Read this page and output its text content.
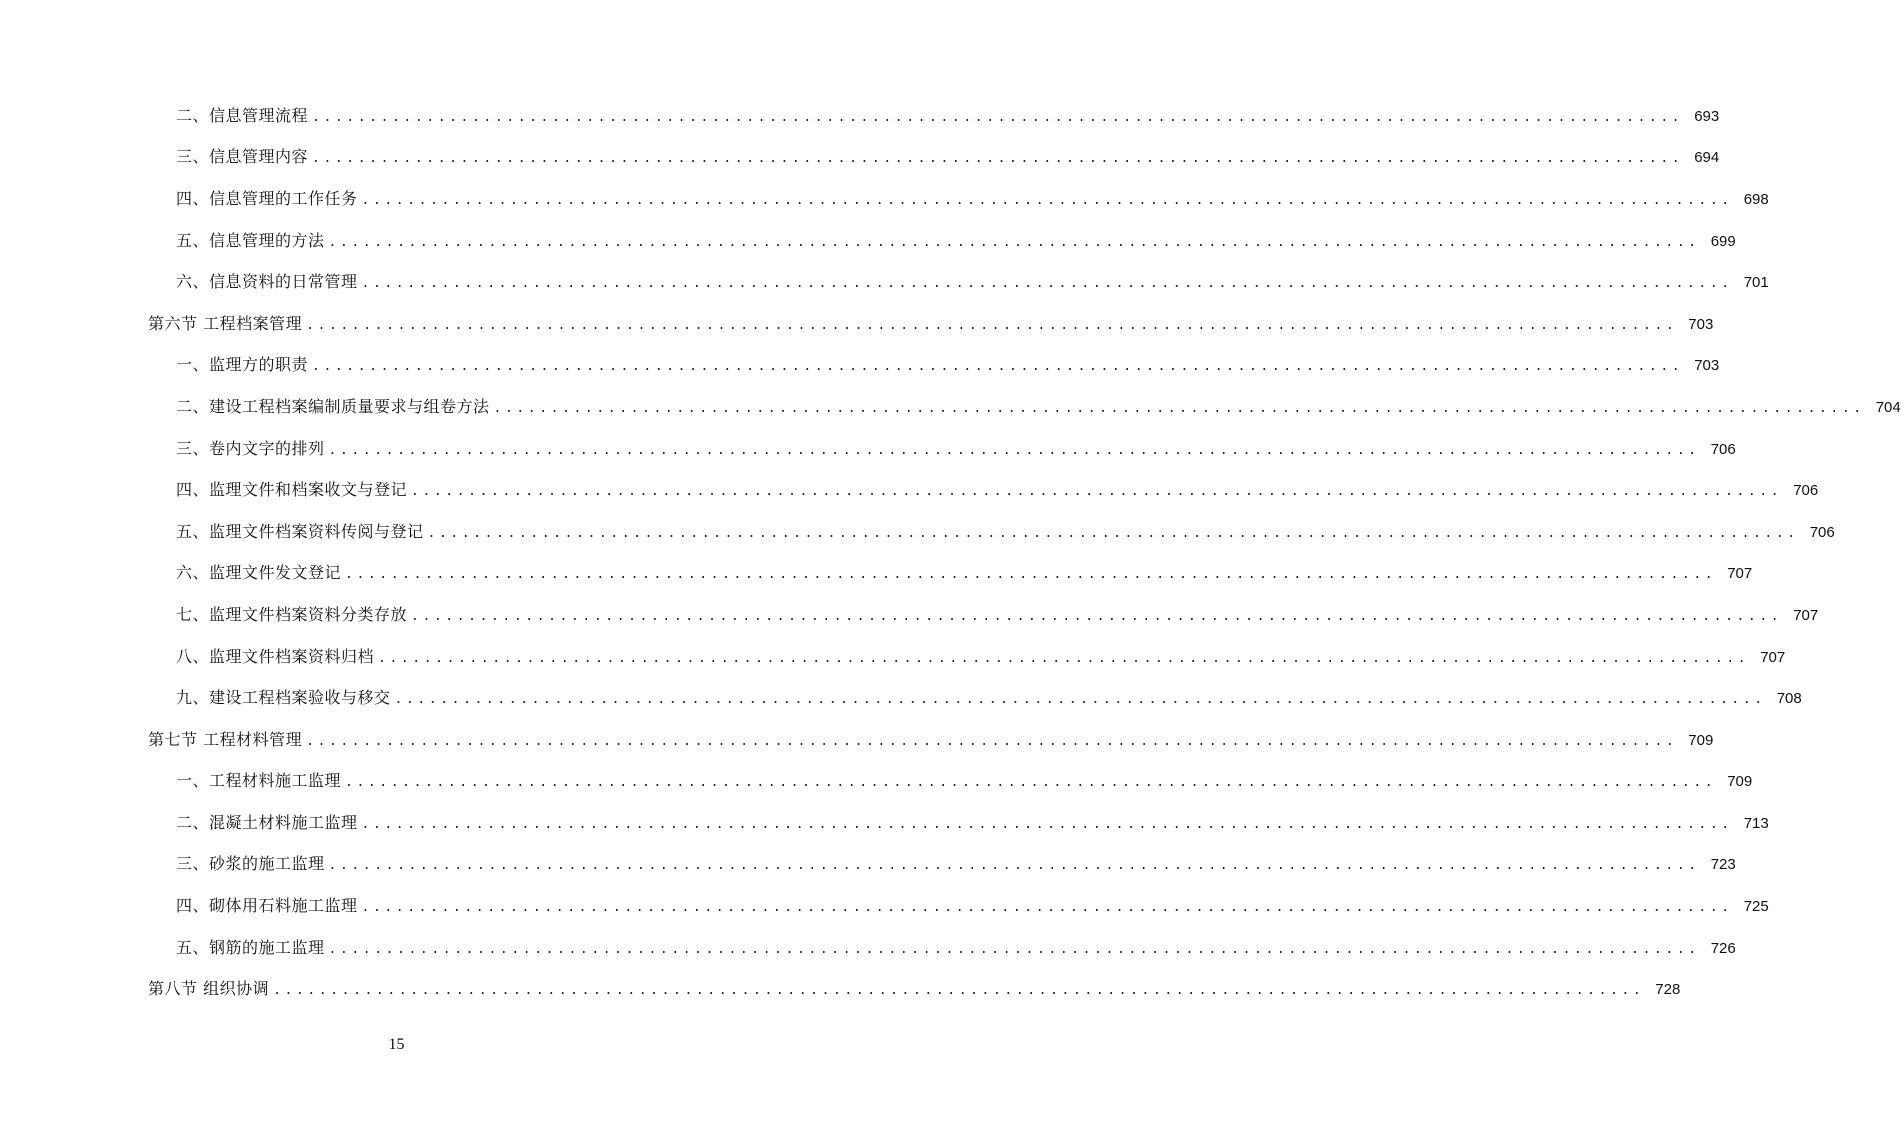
二、信息管理流程 ........................................................................................................................ 693
三、信息管理内容 ........................................................................................................................ 694
四、信息管理的工作任务 ........................................................................................................................ 698
五、信息管理的方法 ........................................................................................................................ 699
六、信息资料的日常管理 ........................................................................................................................ 701
第六节 工程档案管理 ........................................................................................................................ 703
一、监理方的职责 ........................................................................................................................ 703
二、建设工程档案编制质量要求与组卷方法 ........................................................................................................................ 704
三、卷内文字的排列 ........................................................................................................................ 706
四、监理文件和档案收文与登记 ........................................................................................................................ 706
五、监理文件档案资料传阅与登记 ........................................................................................................................ 706
六、监理文件发文登记 ........................................................................................................................ 707
七、监理文件档案资料分类存放 ........................................................................................................................ 707
八、监理文件档案资料归档 ........................................................................................................................ 707
九、建设工程档案验收与移交 ........................................................................................................................ 708
第七节 工程材料管理 ........................................................................................................................ 709
一、工程材料施工监理 ........................................................................................................................ 709
二、混凝土材料施工监理 ........................................................................................................................ 713
三、砂浆的施工监理 ........................................................................................................................ 723
四、砌体用石料施工监理 ........................................................................................................................ 725
五、钢筋的施工监理 ........................................................................................................................ 726
第八节 组织协调 ........................................................................................................................ 728
15
